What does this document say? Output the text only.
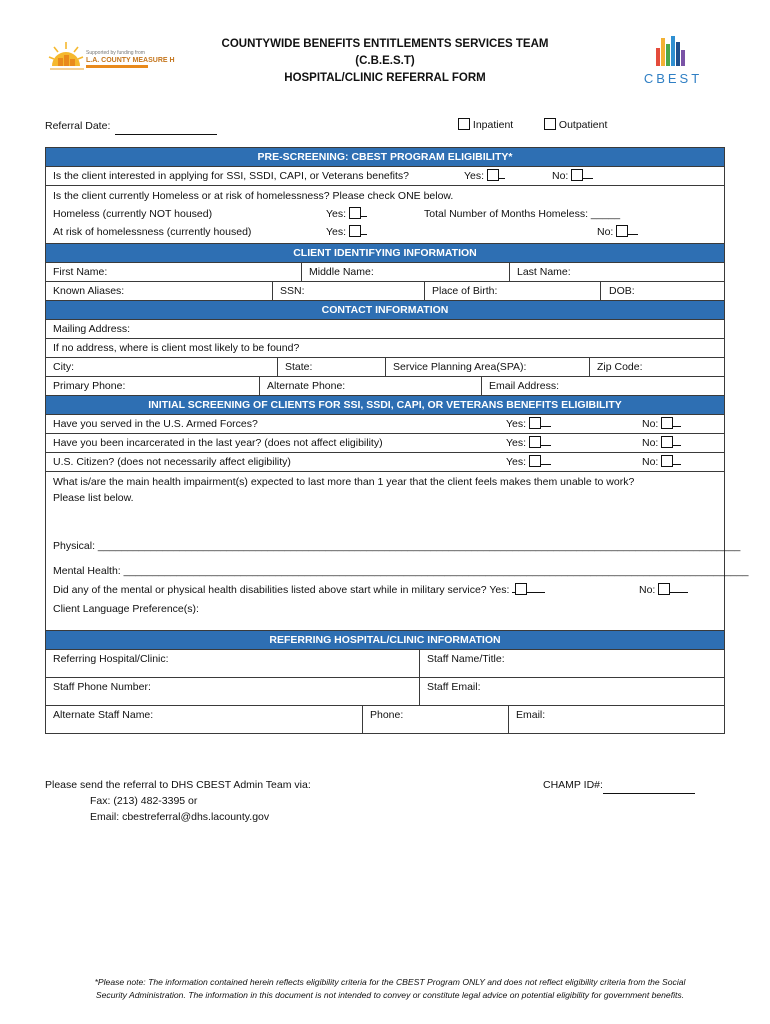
Supported by funding from
L.A. COUNTY MEASURE H
COUNTYWIDE BENEFITS ENTITLEMENTS SERVICES TEAM
(C.B.E.S.T)
HOSPITAL/CLINIC REFERRAL FORM	CBEST
Referral Date:	Inpatient	Outpatient
PRE-SCREENING: CBEST PROGRAM ELIGIBILITY*
Is the client interested in applying for SSI, SSDI, CAPI, or Veterans benefits?	Yes:	No:
Is the client currently Homeless or at risk of homelessness? Please check ONE below.
Homeless (currently NOT housed)	Yes:	Total Number of Months Homeless: _____
At risk of homelessness (currently housed)	Yes:	No:
CLIENT IDENTIFYING INFORMATION
First Name:	Middle Name:	Last Name:
Known Aliases:	SSN:	Place of Birth:	DOB:
CONTACT INFORMATION
Mailing Address:
If no address, where is client most likely to be found?
City:	State:	Service Planning Area(SPA):	Zip Code:
Primary Phone:	Alternate Phone:	Email Address:
INITIAL SCREENING OF CLIENTS FOR SSI, SSDI, CAPI, OR VETERANS BENEFITS ELIGIBILITY
Have you served in the U.S. Armed Forces?	Yes:	No:
Have you been incarcerated in the last year? (does not affect eligibility)	Yes:	No:
U.S. Citizen? (does not necessarily affect eligibility)	Yes:	No:
What is/are the main health impairment(s) expected to last more than 1 year that the client feels makes them unable to work?
Please list below.
Physical: ______________________________________________________________________________________________________________
Mental Health: ___________________________________________________________________________________________________________
Did any of the mental or physical health disabilities listed above start while in military service? Yes:	No:
Client Language Preference(s):
REFERRING HOSPITAL/CLINIC INFORMATION
Referring Hospital/Clinic:	Staff Name/Title:
Staff Phone Number:	Staff Email:
Alternate Staff Name:	Phone:	Email:
Please send the referral to DHS CBEST Admin Team via:
Fax: (213) 482-3395 or
Email: cbestreferral@dhs.lacounty.gov
CHAMP ID#:
*Please note: The information contained herein reflects eligibility criteria for the CBEST Program ONLY and does not reflect eligibility criteria from the Social
Security Administration. The information in this document is not intended to convey or constitute legal advice on potential eligibility for government benefits.
